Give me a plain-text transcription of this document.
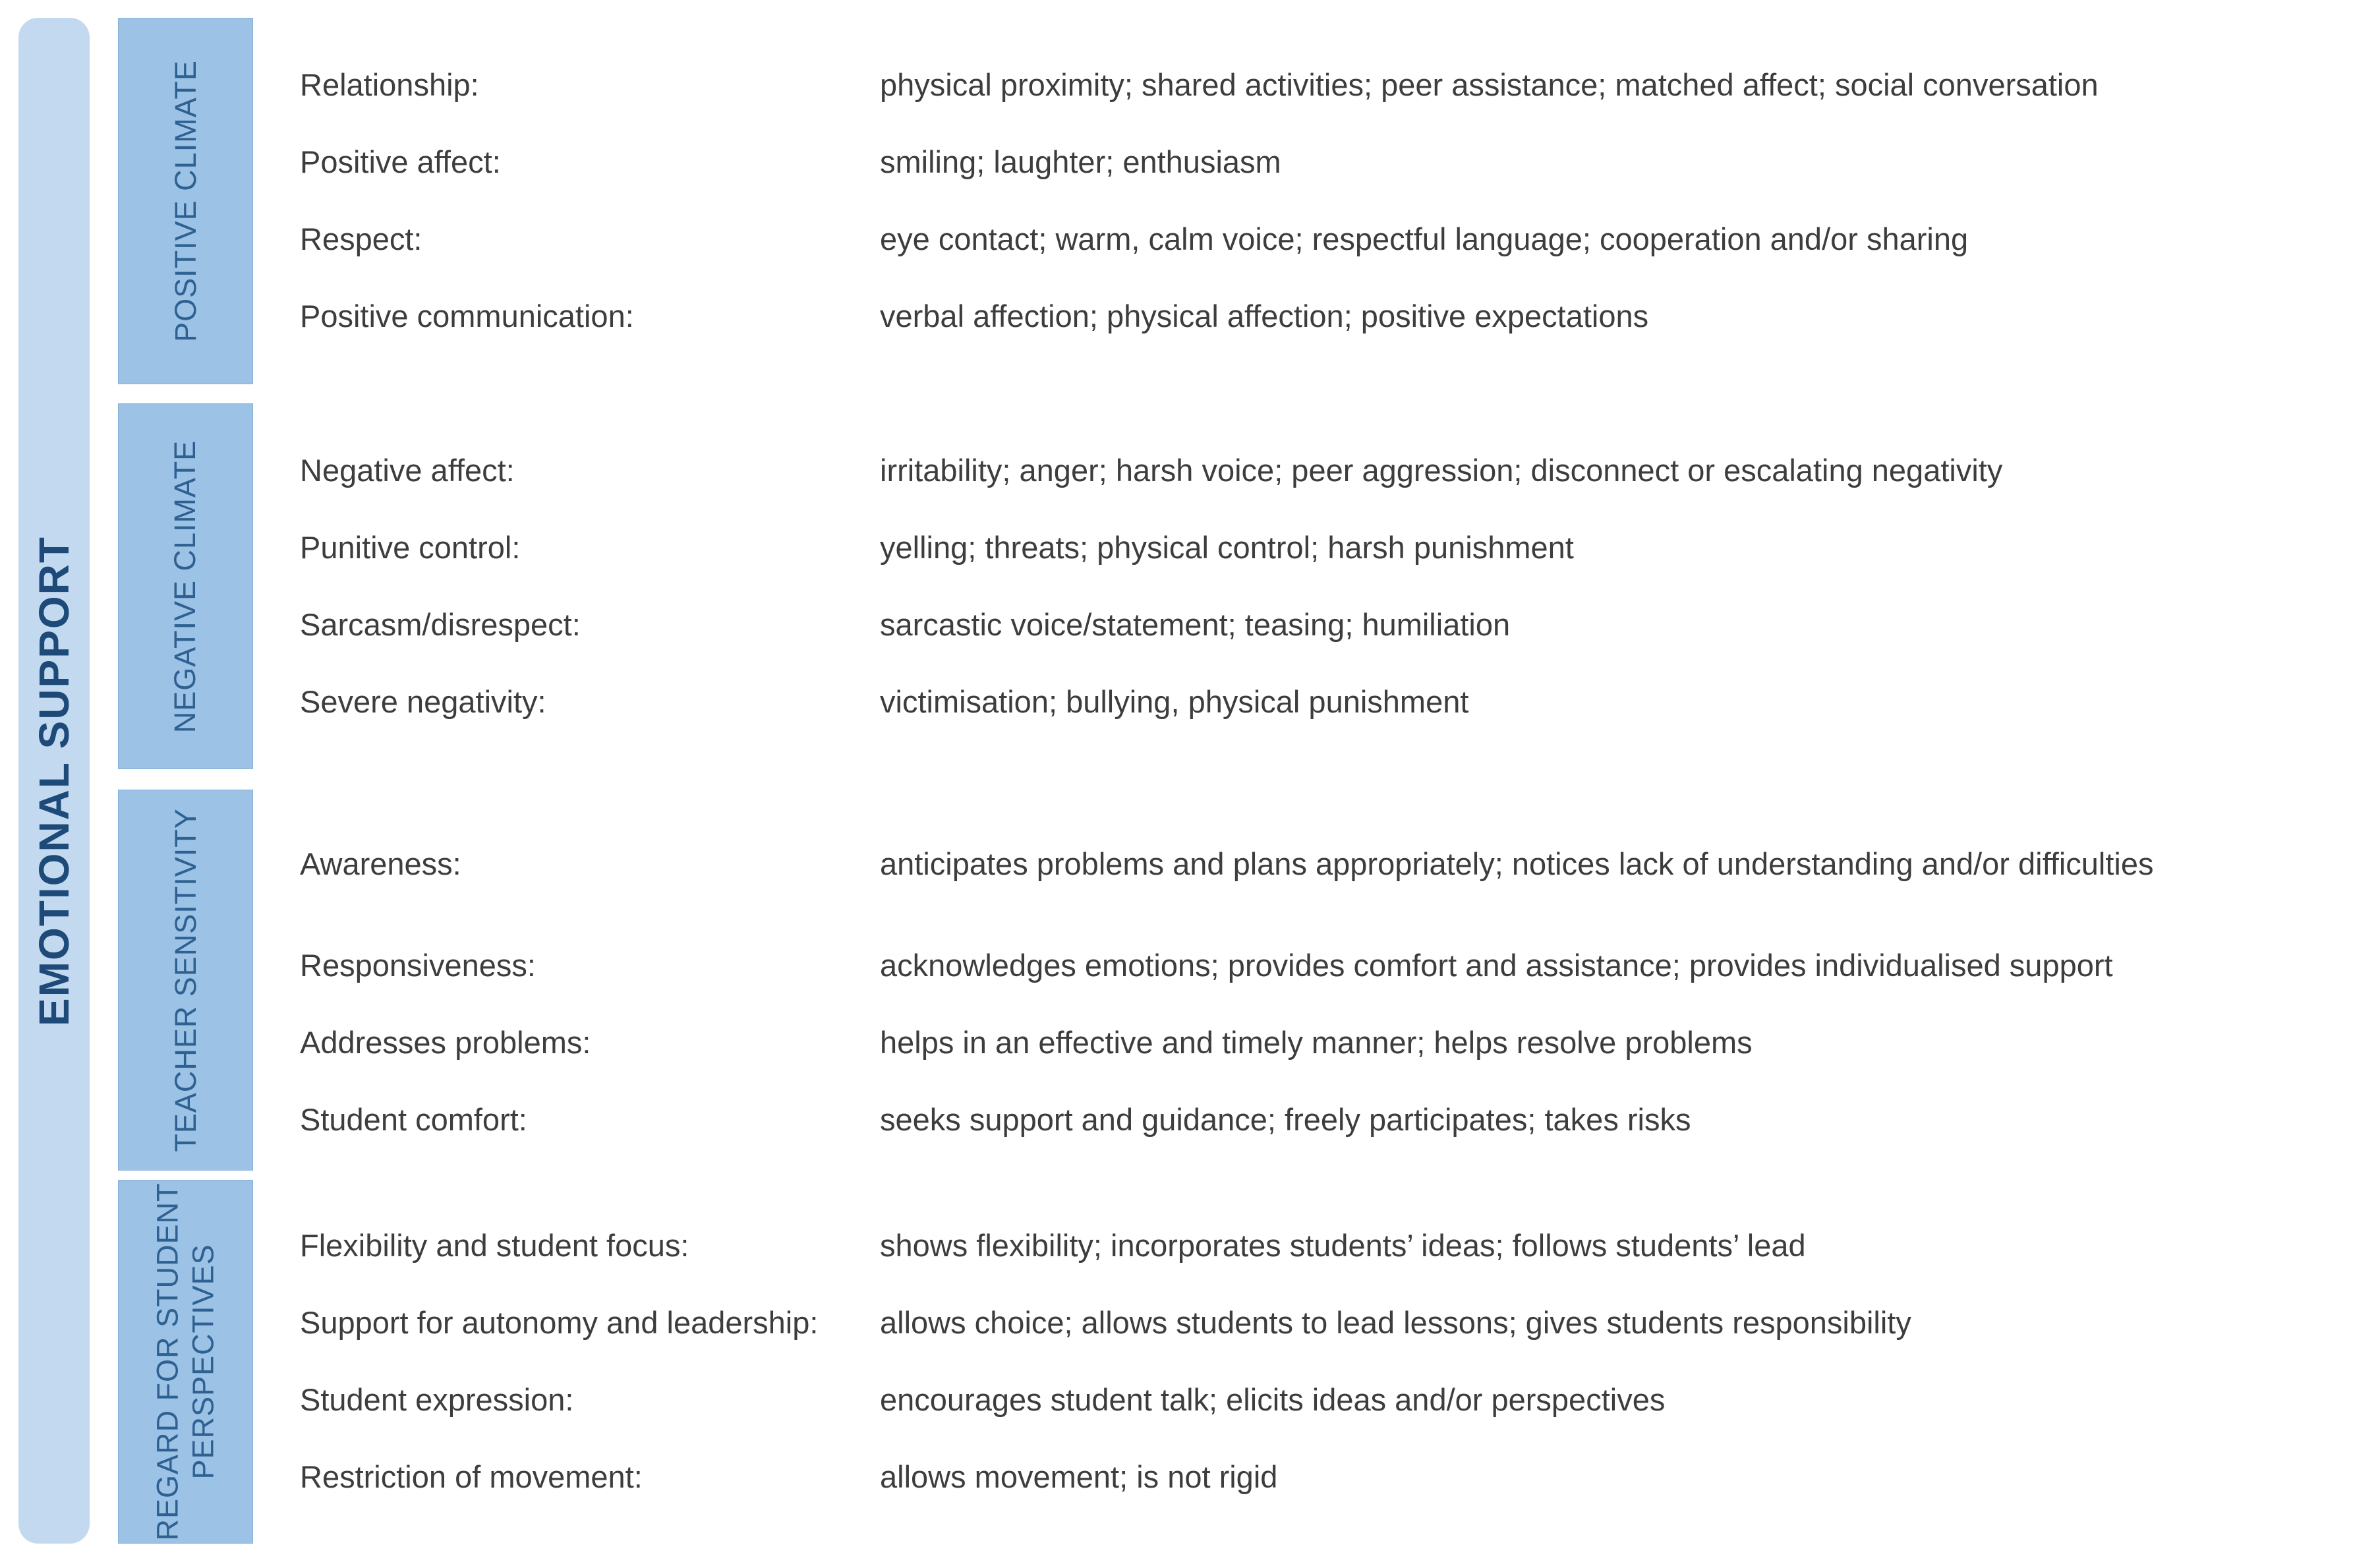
EMOTIONAL SUPPORT
POSITIVE CLIMATE	Relationship:	physical proximity; shared activities; peer assistance; matched affect; social conversation
Positive affect:	smiling; laughter; enthusiasm
Respect:	eye contact; warm, calm voice; respectful language; cooperation and/or sharing
Positive communication:	verbal affection; physical affection; positive expectations
NEGATIVE CLIMATE	Negative affect:	irritability; anger; harsh voice; peer aggression; disconnect or escalating negativity
Punitive control:	yelling; threats; physical control; harsh punishment
Sarcasm/disrespect:	sarcastic voice/statement; teasing; humiliation
Severe negativity:	victimisation; bullying, physical punishment
TEACHER SENSITIVITY	Awareness:	anticipates problems and plans appropriately; notices lack of understanding and/or difficulties
Responsiveness:	acknowledges emotions; provides comfort and assistance; provides individualised support
Addresses problems:	helps in an effective and timely manner; helps resolve problems
Student comfort:	seeks support and guidance; freely participates; takes risks
REGARD FOR STUDENT PERSPECTIVES	Flexibility and student focus:	shows flexibility; incorporates students’ ideas; follows students’ lead
Support for autonomy and leadership:	allows choice; allows students to lead lessons; gives students responsibility
Student expression:	encourages student talk; elicits ideas and/or perspectives
Restriction of movement:	allows movement; is not rigid
